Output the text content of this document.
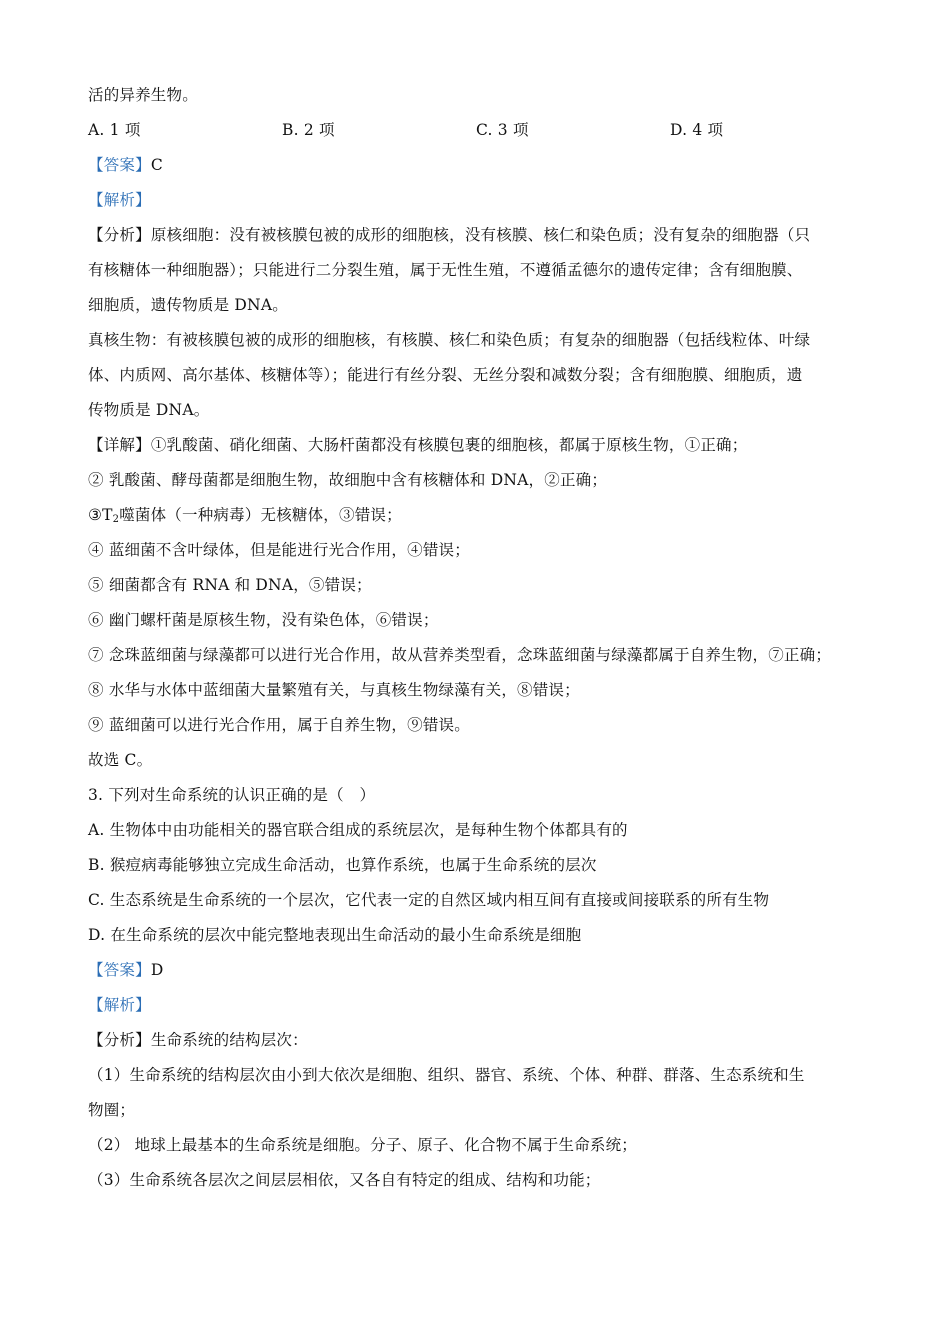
活的异养生物。
A. 1 项	B. 2 项	C. 3 项	D. 4 项
【答案】C
【解析】
【分析】原核细胞：没有被核膜包被的成形的细胞核，没有核膜、核仁和染色质；没有复杂的细胞器（只
有核糖体一种细胞器）；只能进行二分裂生殖，属于无性生殖，不遵循孟德尔的遗传定律；含有细胞膜、
细胞质，遗传物质是 DNA。
真核生物：有被核膜包被的成形的细胞核，有核膜、核仁和染色质；有复杂的细胞器（包括线粒体、叶绿
体、内质网、高尔基体、核糖体等）；能进行有丝分裂、无丝分裂和减数分裂；含有细胞膜、细胞质，遗
传物质是 DNA。
【详解】①乳酸菌、硝化细菌、大肠杆菌都没有核膜包裹的细胞核，都属于原核生物，①正确；
② 乳酸菌、酵母菌都是细胞生物，故细胞中含有核糖体和 DNA，②正确；
$③T_2$噬菌体（一种病毒）无核糖体，③错误；
④ 蓝细菌不含叶绿体，但是能进行光合作用，④错误；
⑤ 细菌都含有 RNA 和 DNA，⑤错误；
⑥ 幽门螺杆菌是原核生物，没有染色体，⑥错误；
⑦ 念珠蓝细菌与绿藻都可以进行光合作用，故从营养类型看，念珠蓝细菌与绿藻都属于自养生物，⑦正确；
⑧ 水华与水体中蓝细菌大量繁殖有关，与真核生物绿藻有关，⑧错误；
⑨ 蓝细菌可以进行光合作用，属于自养生物，⑨错误。
故选 C。
3. 下列对生命系统的认识正确的是（　）
A. 生物体中由功能相关的器官联合组成的系统层次，是每种生物个体都具有的
B. 猴痘病毒能够独立完成生命活动，也算作系统，也属于生命系统的层次
C. 生态系统是生命系统的一个层次，它代表一定的自然区域内相互间有直接或间接联系的所有生物
D. 在生命系统的层次中能完整地表现出生命活动的最小生命系统是细胞
【答案】D
【解析】
【分析】生命系统的结构层次：
（1）生命系统的结构层次由小到大依次是细胞、组织、器官、系统、个体、种群、群落、生态系统和生
物圈；
（2） 地球上最基本的生命系统是细胞。分子、原子、化合物不属于生命系统；
（3）生命系统各层次之间层层相依，又各自有特定的组成、结构和功能；
